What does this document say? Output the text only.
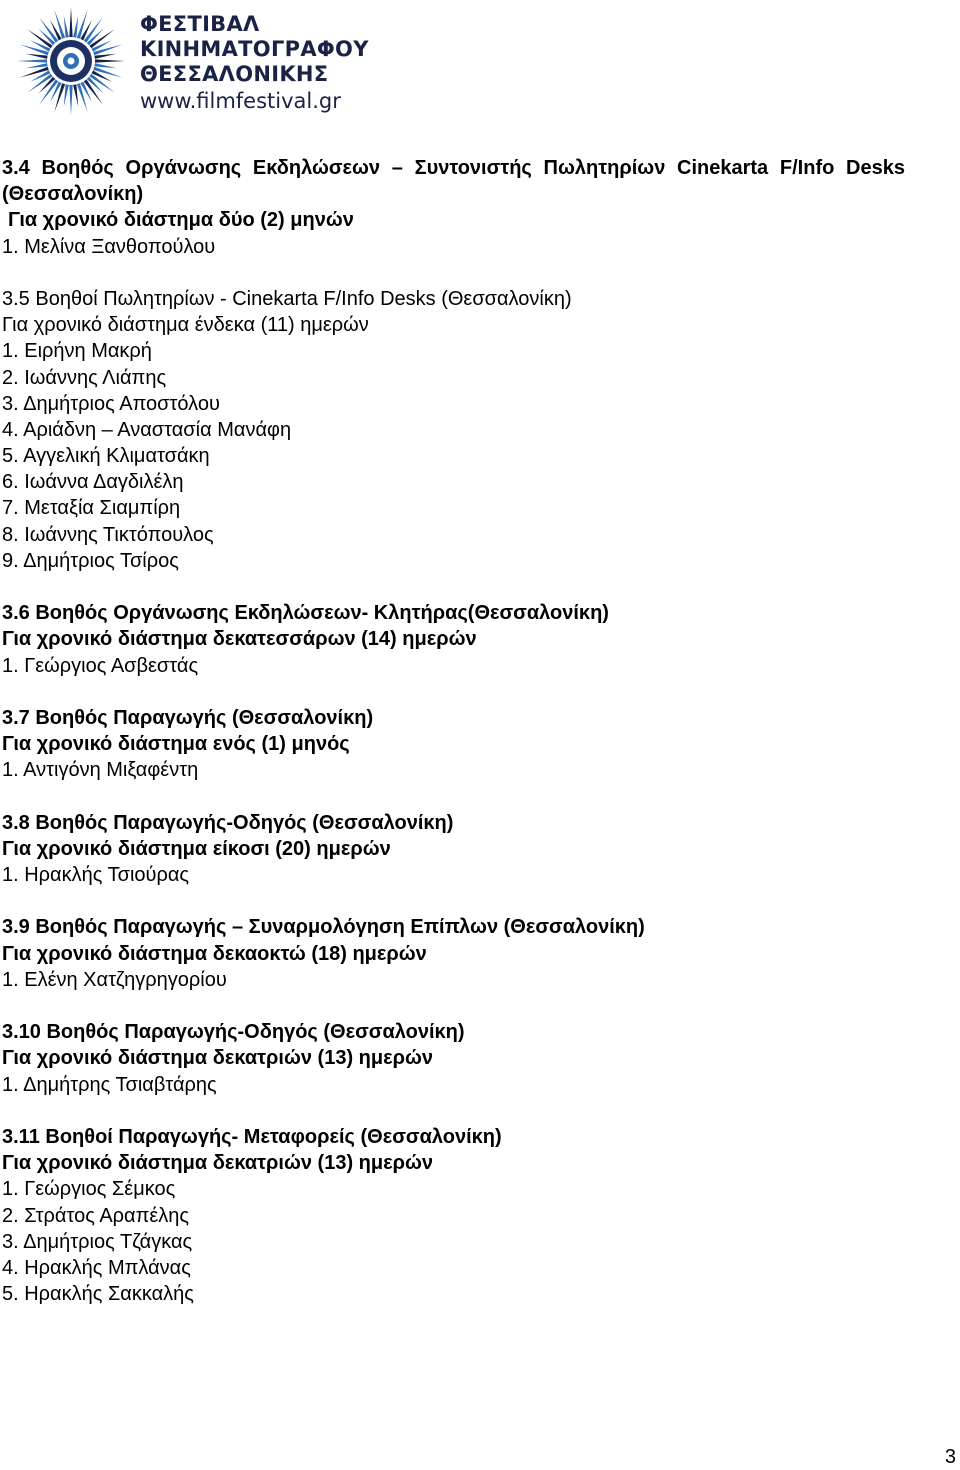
ΦΕΣΤΙΒΑΛ
ΚΙΝΗΜΑΤΟΓΡΑΦΟΥ
ΘΕΣΣΑΛΟΝΙΚΗΣ
www.filmfestival.gr
3.4 Βοηθός Οργάνωσης Εκδηλώσεων – Συντονιστής Πωλητηρίων Cinekarta F/Info Desks
(Θεσσαλονίκη)
Για χρονικό διάστημα δύο (2) μηνών
1. Μελίνα Ξανθοπούλου
3.5 Βοηθοί Πωλητηρίων - Cinekarta F/Info Desks (Θεσσαλονίκη)
Για χρονικό διάστημα ένδεκα (11) ημερών
1. Ειρήνη Μακρή
2. Ιωάννης Λιάπης
3. Δημήτριος Αποστόλου
4. Αριάδνη – Αναστασία Μανάφη
5. Αγγελική Κλιματσάκη
6. Ιωάννα Δαγδιλέλη
7. Μεταξία Σιαμπίρη
8. Ιωάννης Τικτόπουλος
9. Δημήτριος Τσίρος
3.6 Βοηθός Οργάνωσης Εκδηλώσεων- Κλητήρας(Θεσσαλονίκη)
Για χρονικό διάστημα δεκατεσσάρων (14) ημερών
1. Γεώργιος Ασβεστάς
3.7 Βοηθός Παραγωγής (Θεσσαλονίκη)
Για χρονικό διάστημα ενός (1) μηνός
1. Αντιγόνη Μιξαφέντη
3.8 Βοηθός Παραγωγής-Οδηγός (Θεσσαλονίκη)
Για χρονικό διάστημα είκοσι (20) ημερών
1. Ηρακλής Τσιούρας
3.9 Βοηθός Παραγωγής – Συναρμολόγηση Επίπλων (Θεσσαλονίκη)
Για χρονικό διάστημα δεκαοκτώ (18) ημερών
1. Ελένη Χατζηγρηγορίου
3.10 Βοηθός Παραγωγής-Οδηγός (Θεσσαλονίκη)
Για χρονικό διάστημα δεκατριών (13) ημερών
1. Δημήτρης Τσιαβτάρης
3.11 Βοηθοί Παραγωγής- Μεταφορείς (Θεσσαλονίκη)
Για χρονικό διάστημα δεκατριών (13) ημερών
1. Γεώργιος Σέμκος
2. Στράτος Αραπέλης
3. Δημήτριος Τζάγκας
4. Ηρακλής Μπλάνας
5. Ηρακλής Σακκαλής
3
